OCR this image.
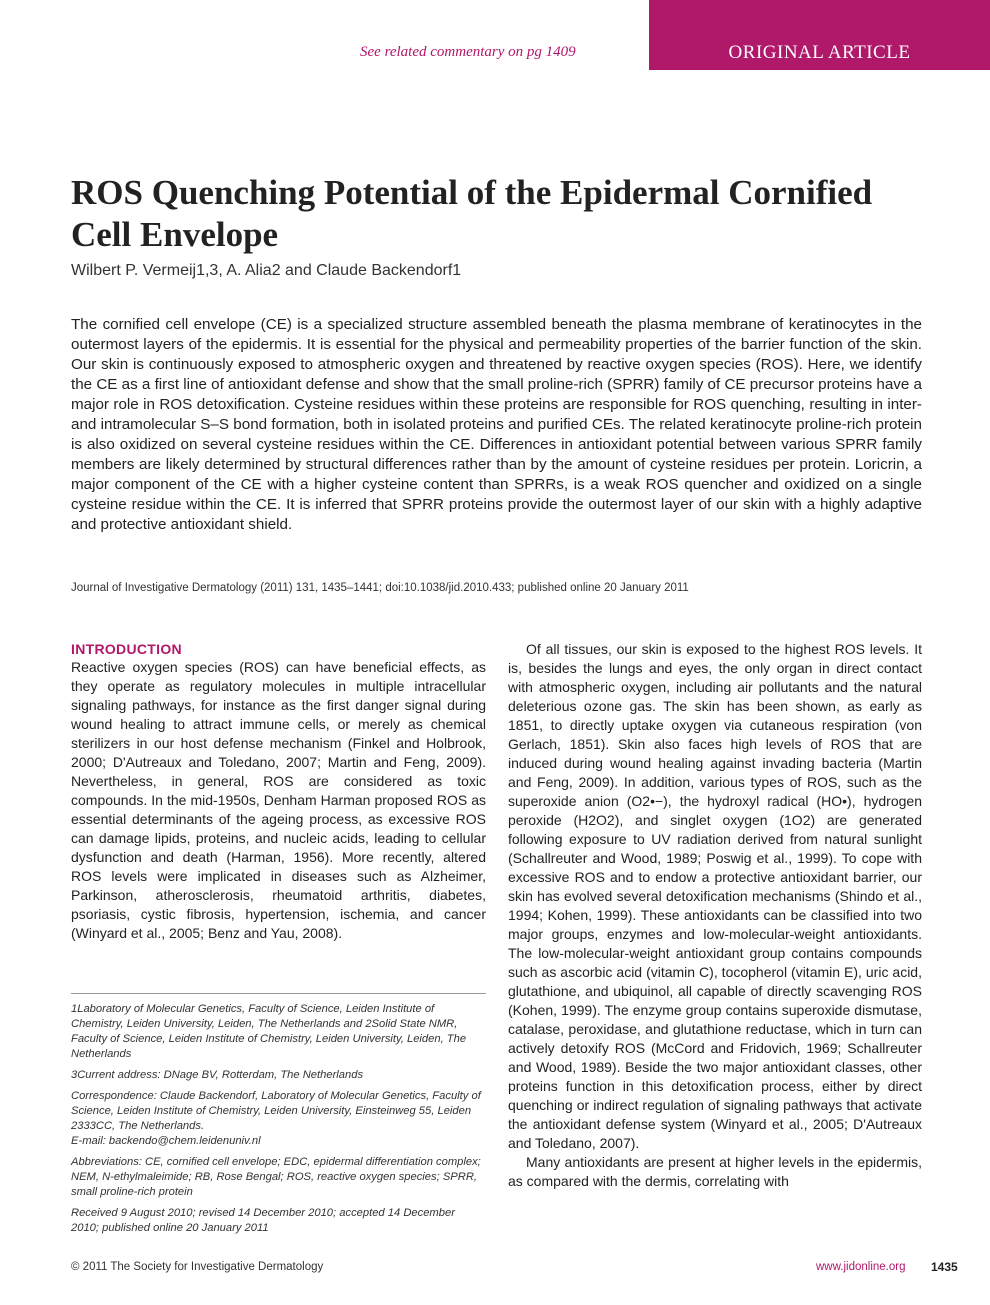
See related commentary on pg 1409	ORIGINAL ARTICLE
ROS Quenching Potential of the Epidermal Cornified Cell Envelope
Wilbert P. Vermeij1,3, A. Alia2 and Claude Backendorf1
The cornified cell envelope (CE) is a specialized structure assembled beneath the plasma membrane of keratinocytes in the outermost layers of the epidermis. It is essential for the physical and permeability properties of the barrier function of the skin. Our skin is continuously exposed to atmospheric oxygen and threatened by reactive oxygen species (ROS). Here, we identify the CE as a first line of antioxidant defense and show that the small proline-rich (SPRR) family of CE precursor proteins have a major role in ROS detoxification. Cysteine residues within these proteins are responsible for ROS quenching, resulting in inter- and intramolecular S–S bond formation, both in isolated proteins and purified CEs. The related keratinocyte proline-rich protein is also oxidized on several cysteine residues within the CE. Differences in antioxidant potential between various SPRR family members are likely determined by structural differences rather than by the amount of cysteine residues per protein. Loricrin, a major component of the CE with a higher cysteine content than SPRRs, is a weak ROS quencher and oxidized on a single cysteine residue within the CE. It is inferred that SPRR proteins provide the outermost layer of our skin with a highly adaptive and protective antioxidant shield.
Journal of Investigative Dermatology (2011) 131, 1435–1441; doi:10.1038/jid.2010.433; published online 20 January 2011
INTRODUCTION

Reactive oxygen species (ROS) can have beneficial effects, as they operate as regulatory molecules in multiple intracellular signaling pathways, for instance as the first danger signal during wound healing to attract immune cells, or merely as chemical sterilizers in our host defense mechanism (Finkel and Holbrook, 2000; D'Autreaux and Toledano, 2007; Martin and Feng, 2009). Nevertheless, in general, ROS are considered as toxic compounds. In the mid-1950s, Denham Harman proposed ROS as essential determinants of the ageing process, as excessive ROS can damage lipids, proteins, and nucleic acids, leading to cellular dysfunction and death (Harman, 1956). More recently, altered ROS levels were implicated in diseases such as Alzheimer, Parkinson, atherosclerosis, rheumatoid arthritis, diabetes, psoriasis, cystic fibrosis, hypertension, ischemia, and cancer (Winyard et al., 2005; Benz and Yau, 2008).

1Laboratory of Molecular Genetics, Faculty of Science, Leiden Institute of Chemistry, Leiden University, Leiden, The Netherlands and 2Solid State NMR, Faculty of Science, Leiden Institute of Chemistry, Leiden University, Leiden, The Netherlands

3Current address: DNage BV, Rotterdam, The Netherlands

Correspondence: Claude Backendorf, Laboratory of Molecular Genetics, Faculty of Science, Leiden Institute of Chemistry, Leiden University, Einsteinweg 55, Leiden 2333CC, The Netherlands.

E-mail: backendo@chem.leidenuniv.nl

Abbreviations: CE, cornified cell envelope; EDC, epidermal differentiation complex; NEM, N-ethylmaleimide; RB, Rose Bengal; ROS, reactive oxygen species; SPRR, small proline-rich protein

Received 9 August 2010; revised 14 December 2010; accepted 14 December 2010; published online 20 January 2011

Of all tissues, our skin is exposed to the highest ROS levels. It is, besides the lungs and eyes, the only organ in direct contact with atmospheric oxygen, including air pollutants and the natural deleterious ozone gas. The skin has been shown, as early as 1851, to directly uptake oxygen via cutaneous respiration (von Gerlach, 1851). Skin also faces high levels of ROS that are induced during wound healing against invading bacteria (Martin and Feng, 2009). In addition, various types of ROS, such as the superoxide anion (O2•−), the hydroxyl radical (HO•), hydrogen peroxide (H2O2), and singlet oxygen (1O2) are generated following exposure to UV radiation derived from natural sunlight (Schallreuter and Wood, 1989; Poswig et al., 1999). To cope with excessive ROS and to endow a protective antioxidant barrier, our skin has evolved several detoxification mechanisms (Shindo et al., 1994; Kohen, 1999). These antioxidants can be classified into two major groups, enzymes and low-molecular-weight antioxidants. The low-molecular-weight antioxidant group contains compounds such as ascorbic acid (vitamin C), tocopherol (vitamin E), uric acid, glutathione, and ubiquinol, all capable of directly scavenging ROS (Kohen, 1999). The enzyme group contains superoxide dismutase, catalase, peroxidase, and glutathione reductase, which in turn can actively detoxify ROS (McCord and Fridovich, 1969; Schallreuter and Wood, 1989). Beside the two major antioxidant classes, other proteins function in this detoxification process, either by direct quenching or indirect regulation of signaling pathways that activate the antioxidant defense system (Winyard et al., 2005; D'Autreaux and Toledano, 2007).

Many antioxidants are present at higher levels in the epidermis, as compared with the dermis, correlating with

© 2011 The Society for Investigative Dermatology	www.jidonline.org 1435
